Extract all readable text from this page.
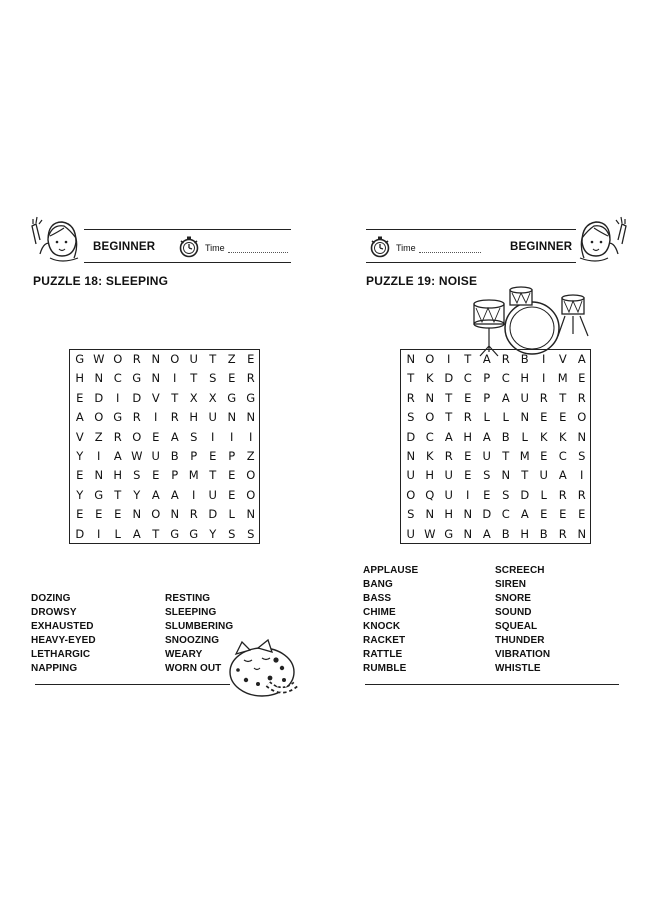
BEGINNER	Time
PUZZLE 18: SLEEPING
G W O R N O U T	Z E
H N C G N	I	T	S	E R
E D	I	D V	T	X X G G
A O G R	I	R H U N N
V Z R O E A S	I	I	I
Y	I	A W U B	P	E	P	Z
E N H S	E	P M T	E O
Y G T	Y	A A	I	U E O
E	E	E N O N R D L N
D	I	L	A	T G G Y	S	S
DOZING
DROWSY
EXHAUSTED
HEAVY-EYED
LETHARGIC
NAPPING
RESTING
SLEEPING
SLUMBERING
SNOOZING
WEARY
WORN OUT
Time	BEGINNER
PUZZLE 19: NOISE
N O	I	T	A R B	I	V A
T	K D C	P	C H	I	M E
R N T	E	P	A U R T R
S O T R	L	L N E	E O
D C A H A B	L	K K N
N K R E U T M E C S
U H U E	S N T U A	I
O Q U	I	E	S D L	R R
S N H N D C A E	E	E
U W G N A B H B R N
APPLAUSE
BANG
BASS
CHIME
KNOCK
RACKET
RATTLE
RUMBLE
SCREECH
SIREN
SNORE
SOUND
SQUEAL
THUNDER
VIBRATION
WHISTLE
